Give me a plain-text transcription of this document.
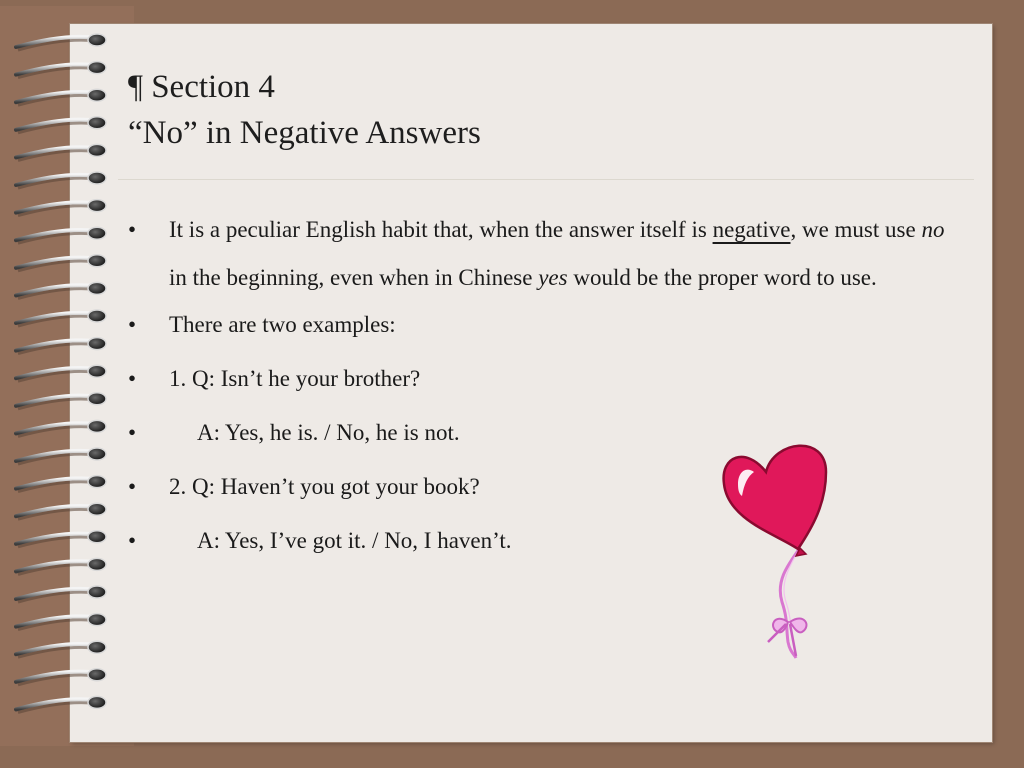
¶ Section 4
“No” in Negative Answers
• It is a peculiar English habit that, when the answer itself is negative, we must use no in the beginning, even when in Chinese yes would be the proper word to use.
• There are two examples:
• 1. Q: Isn’t he your brother?
•	A: Yes, he is. / No, he is not.
• 2. Q: Haven’t you got your book?
•	A: Yes, I’ve got it. / No, I haven’t.
